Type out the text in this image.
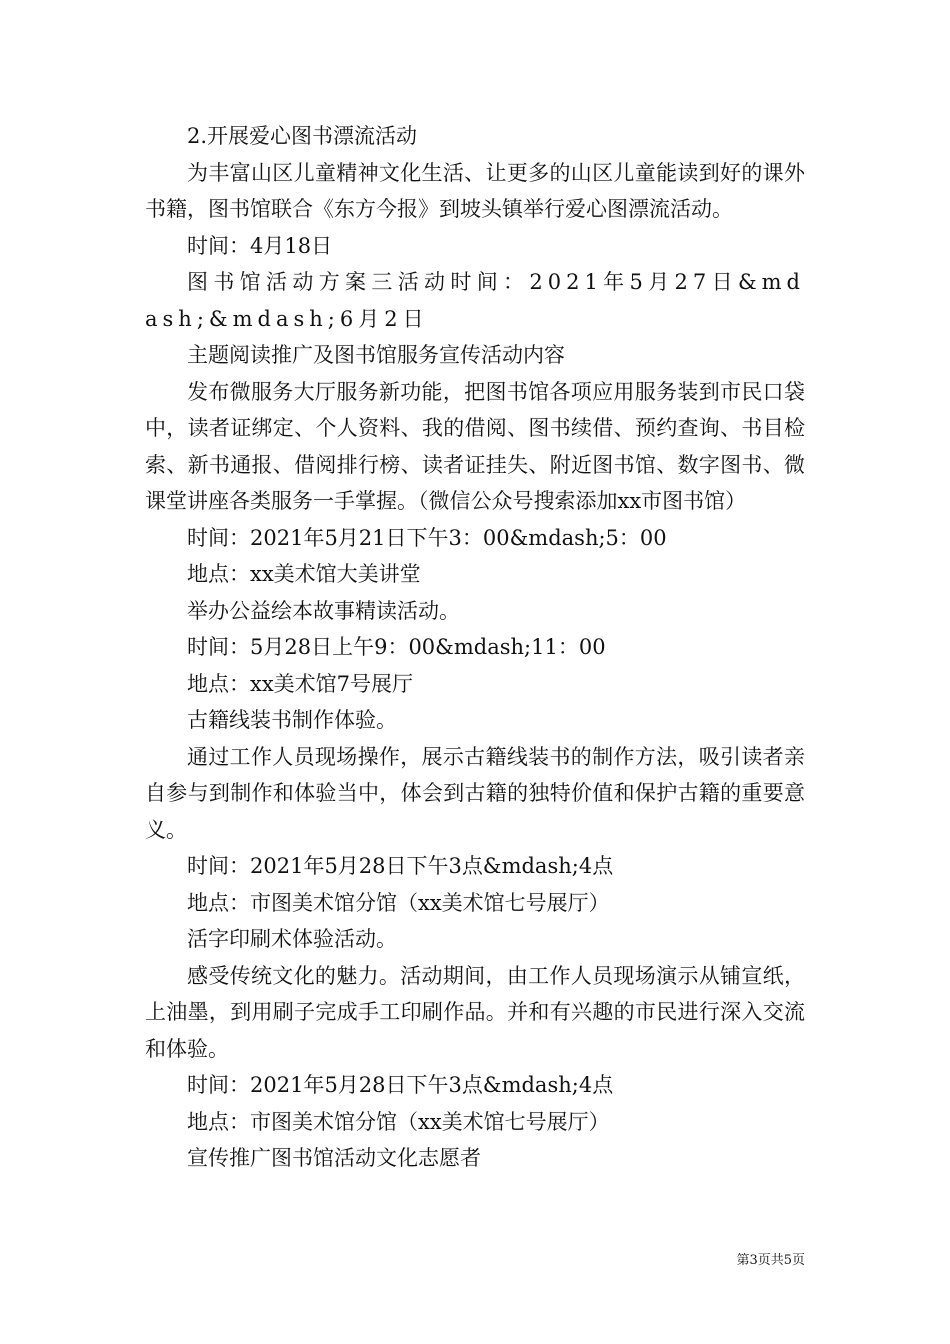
2.开展爱心图书漂流活动

为丰富山区儿童精神文化生活、让更多的山区儿童能读到好的课外书籍，图书馆联合《东方今报》到坡头镇举行爱心图漂流活动。

时间：4月18日

图书馆活动方案三活动时间：2021年5月27日&mdash;&mdash;6月2日

主题阅读推广及图书馆服务宣传活动内容

发布微服务大厅服务新功能，把图书馆各项应用服务装到市民口袋中，读者证绑定、个人资料、我的借阅、图书续借、预约查询、书目检索、新书通报、借阅排行榜、读者证挂失、附近图书馆、数字图书、微课堂讲座各类服务一手掌握。（微信公众号搜索添加xx市图书馆）

时间：2021年5月21日下午3：00&mdash;5：00

地点：xx美术馆大美讲堂

举办公益绘本故事精读活动。

时间：5月28日上午9：00&mdash;11：00

地点：xx美术馆7号展厅

古籍线装书制作体验。

通过工作人员现场操作，展示古籍线装书的制作方法，吸引读者亲自参与到制作和体验当中，体会到古籍的独特价值和保护古籍的重要意义。

时间：2021年5月28日下午3点&mdash;4点

地点：市图美术馆分馆（xx美术馆七号展厅）

活字印刷术体验活动。

感受传统文化的魅力。活动期间，由工作人员现场演示从铺宣纸，上油墨，到用刷子完成手工印刷作品。并和有兴趣的市民进行深入交流和体验。

时间：2021年5月28日下午3点&mdash;4点

地点：市图美术馆分馆（xx美术馆七号展厅）

宣传推广图书馆活动文化志愿者

第3页共5页
